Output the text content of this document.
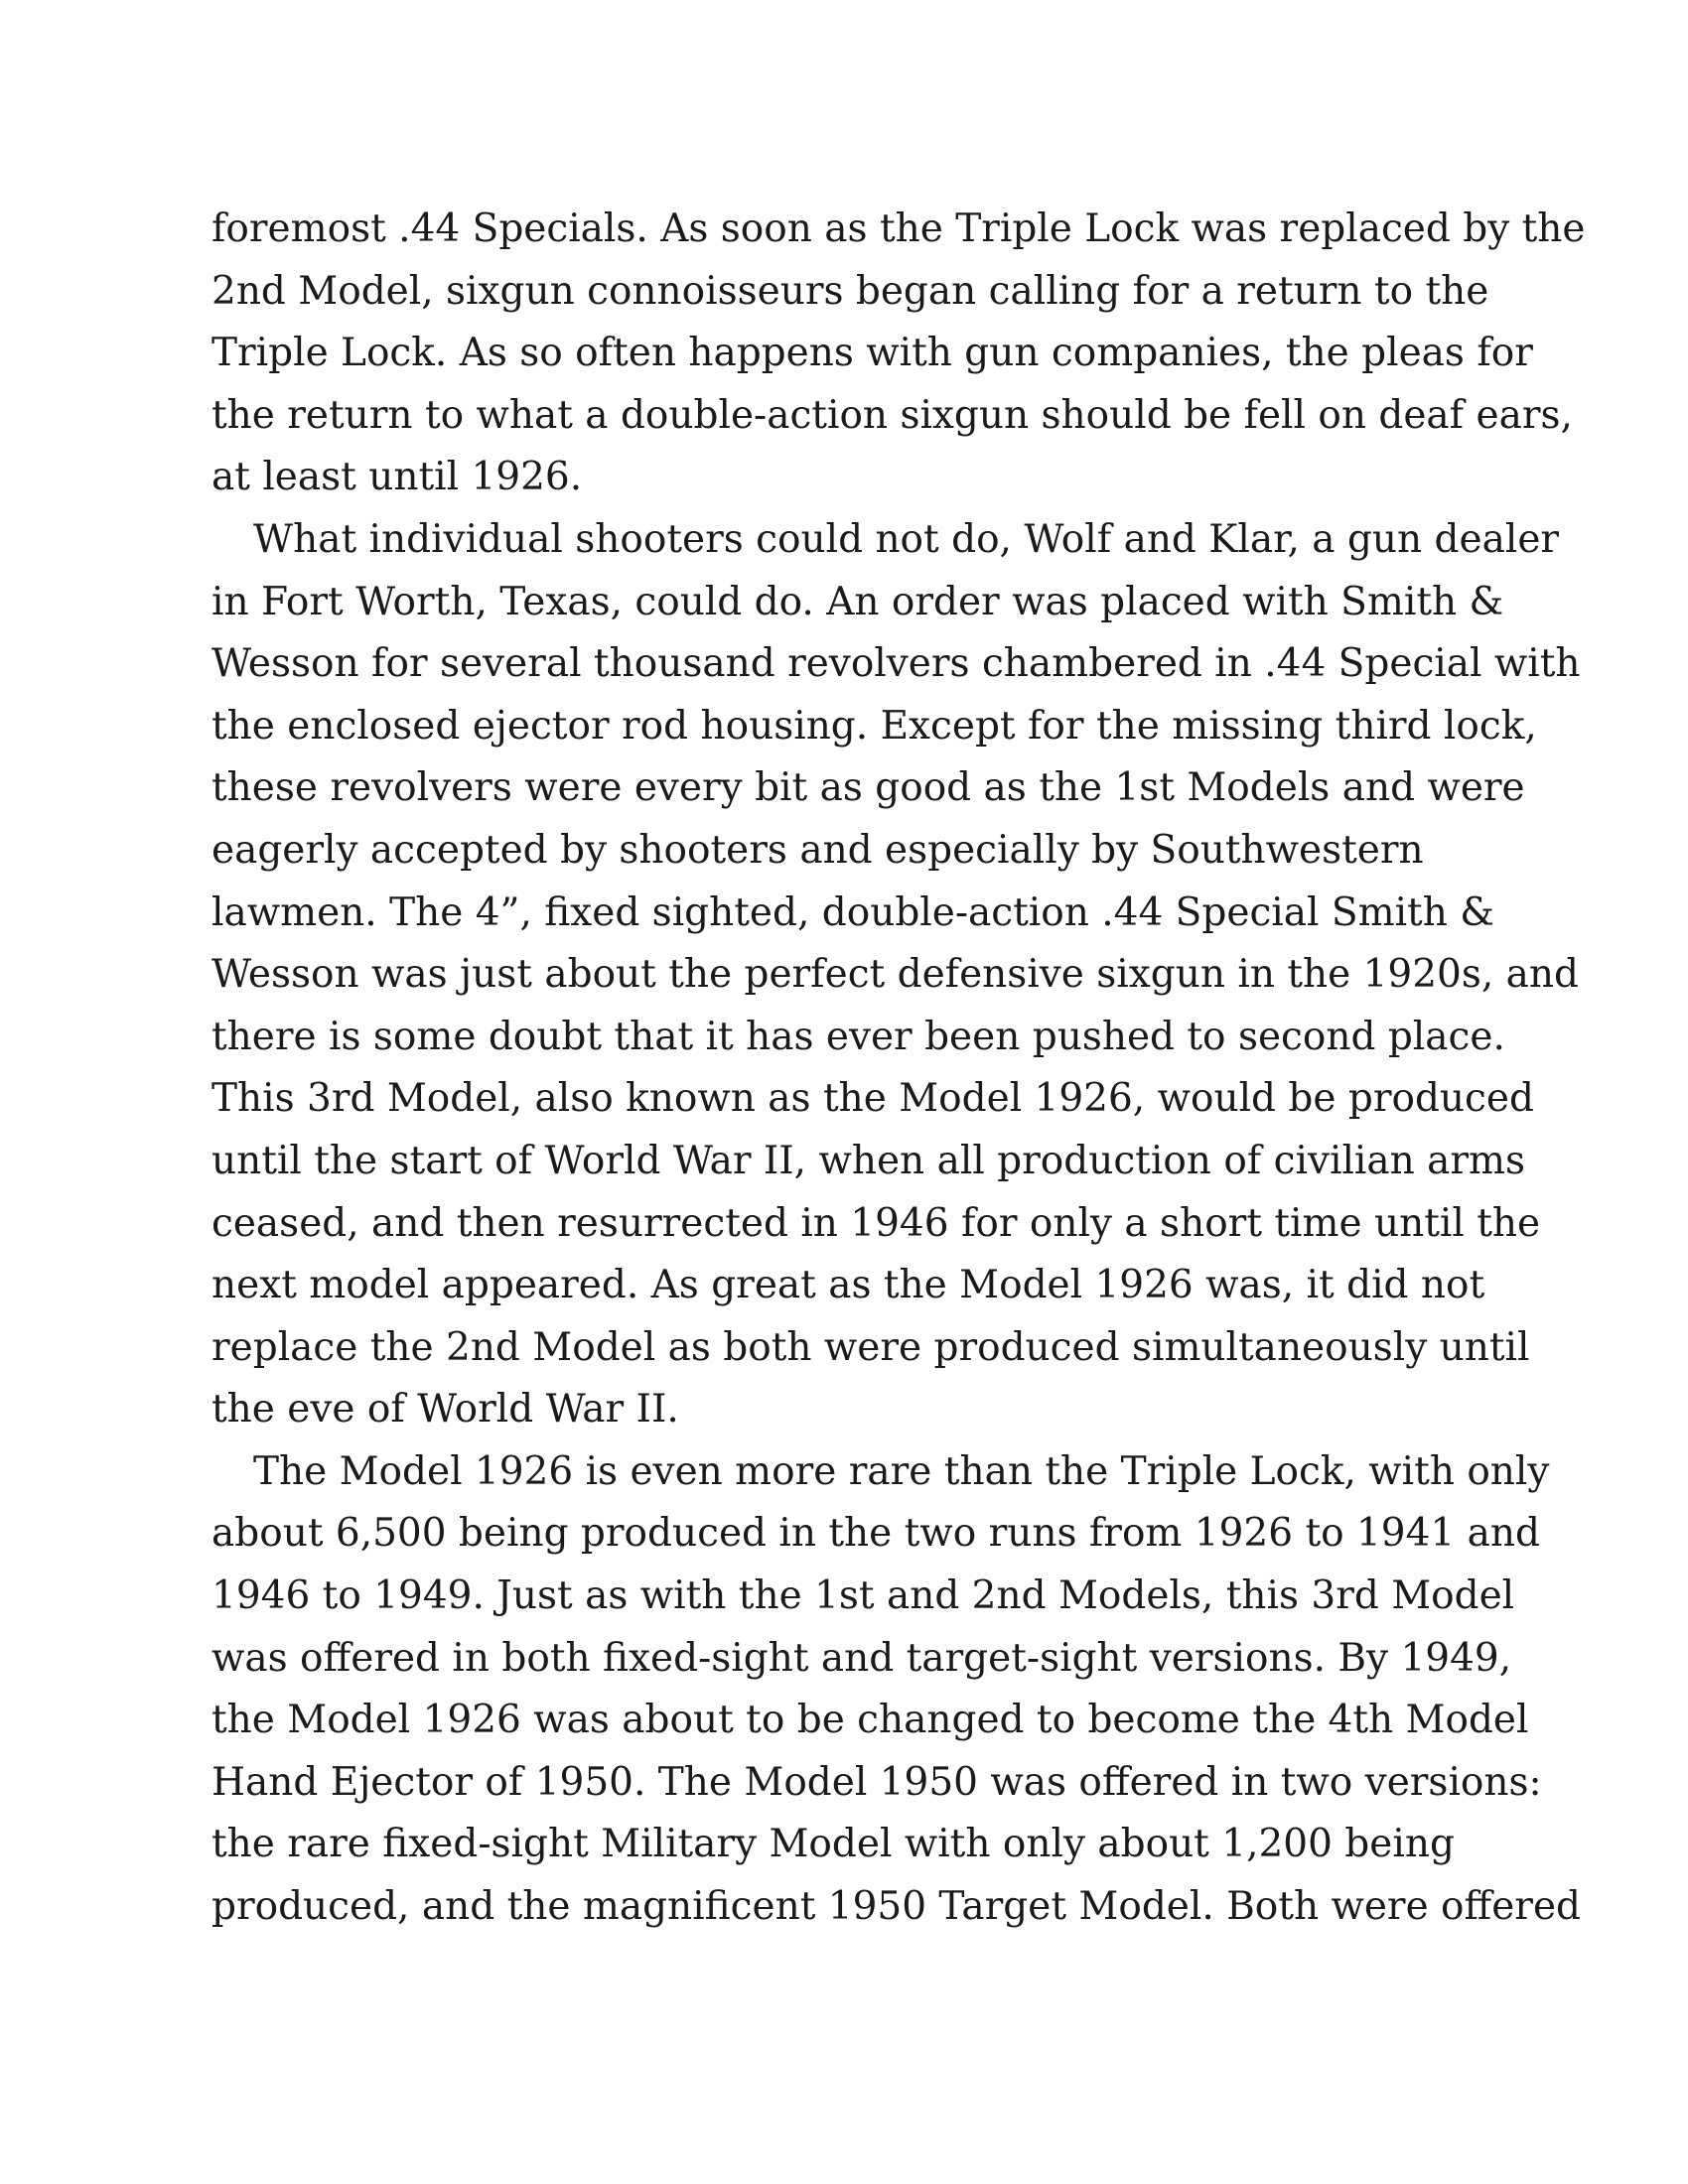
foremost .44 Specials. As soon as the Triple Lock was replaced by the
2nd Model, sixgun connoisseurs began calling for a return to the
Triple Lock. As so often happens with gun companies, the pleas for
the return to what a double-action sixgun should be fell on deaf ears,
at least until 1926.
What individual shooters could not do, Wolf and Klar, a gun dealer
in Fort Worth, Texas, could do. An order was placed with Smith &
Wesson for several thousand revolvers chambered in .44 Special with
the enclosed ejector rod housing. Except for the missing third lock,
these revolvers were every bit as good as the 1st Models and were
eagerly accepted by shooters and especially by Southwestern
lawmen. The 4”, fixed sighted, double-action .44 Special Smith &
Wesson was just about the perfect defensive sixgun in the 1920s, and
there is some doubt that it has ever been pushed to second place.
This 3rd Model, also known as the Model 1926, would be produced
until the start of World War II, when all production of civilian arms
ceased, and then resurrected in 1946 for only a short time until the
next model appeared. As great as the Model 1926 was, it did not
replace the 2nd Model as both were produced simultaneously until
the eve of World War II.
The Model 1926 is even more rare than the Triple Lock, with only
about 6,500 being produced in the two runs from 1926 to 1941 and
1946 to 1949. Just as with the 1st and 2nd Models, this 3rd Model
was offered in both fixed-sight and target-sight versions. By 1949,
the Model 1926 was about to be changed to become the 4th Model
Hand Ejector of 1950. The Model 1950 was offered in two versions:
the rare fixed-sight Military Model with only about 1,200 being
produced, and the magnificent 1950 Target Model. Both were offered
